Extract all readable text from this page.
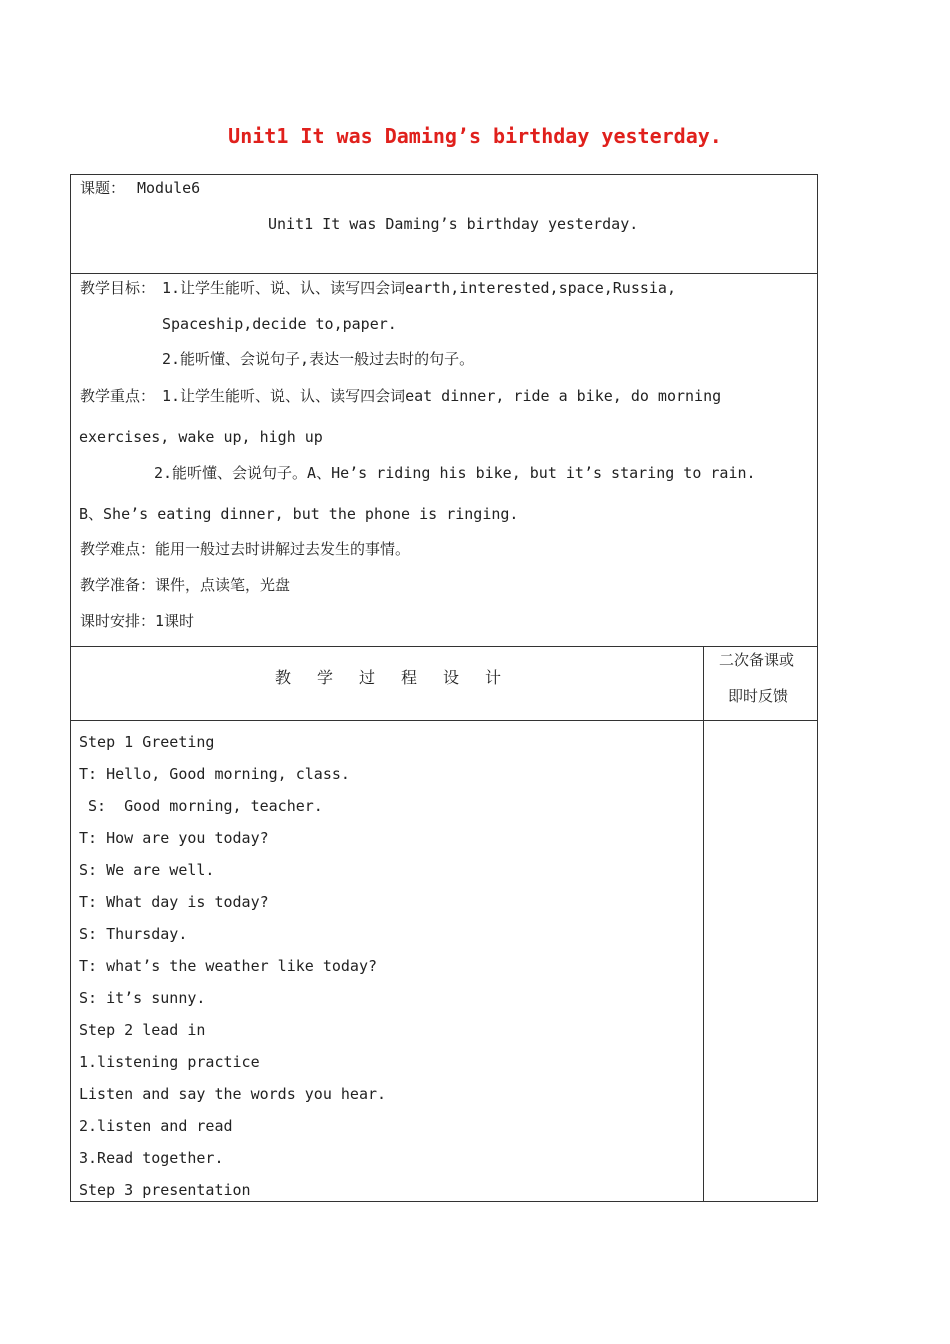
Unit1 It was Daming’s birthday yesterday.
课题： Module6
Unit1 It was Daming’s birthday yesterday.
教学目标： 1.让学生能听、说、认、读写四会词earth,interested,space,Russia,
Spaceship,decide to,paper.
2.能听懂、会说句子,表达一般过去时的句子。
教学重点： 1.让学生能听、说、认、读写四会词eat dinner, ride a bike, do morning
exercises, wake up, high up
2.能听懂、会说句子。A、He’s riding his bike, but it’s staring to rain.
B、She’s eating dinner, but the phone is ringing.
教学难点：能用一般过去时讲解过去发生的事情。
教学准备：课件，点读笔，光盘
课时安排：1课时
教 学 过 程 设 计
二次备课或
即时反馈
Step 1 Greeting
T: Hello, Good morning, class.
S:  Good morning, teacher.
T: How are you today?
S: We are well.
T: What day is today?
S: Thursday.
T: what’s the weather like today?
S: it’s sunny.
Step 2 lead in
1.listening practice
Listen and say the words you hear.
2.listen and read
3.Read together.
Step 3 presentation
